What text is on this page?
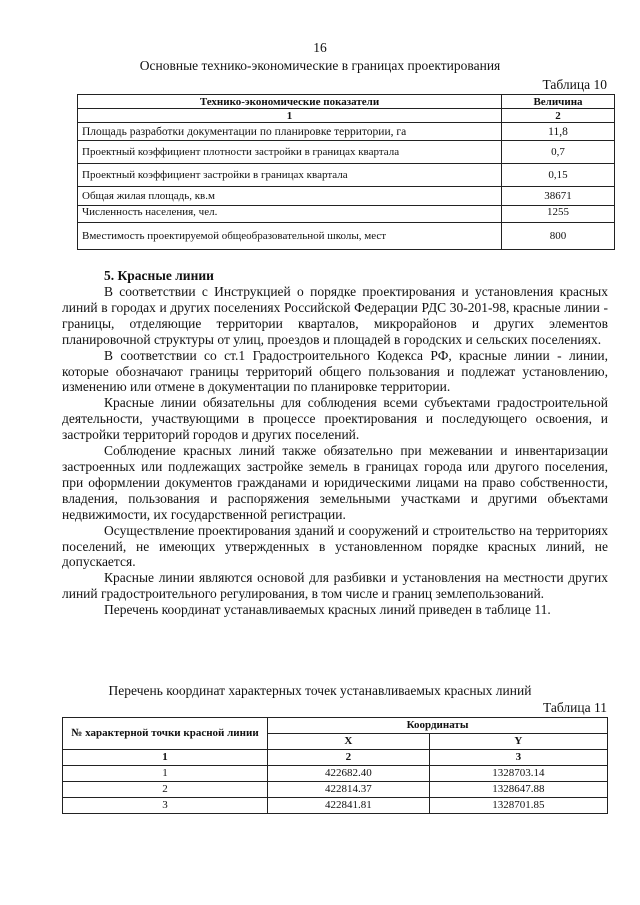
16
Основные технико-экономические в границах проектирования
Таблица 10
Технико-экономические показатели	Величина
1	2
Площадь разработки документации по планировке территории, га	11,8
Проектный коэффициент плотности застройки в границах квартала	0,7
Проектный коэффициент застройки в границах квартала	0,15
Общая жилая площадь, кв.м	38671
Численность населения, чел.	1255
Вместимость проектируемой общеобразовательной школы, мест	800
5. Красные линии

В соответствии с Инструкцией о порядке проектирования и установления красных линий в городах и других поселениях Российской Федерации РДС 30-201-98, красные линии - границы, отделяющие территории кварталов, микрорайонов и других элементов планировочной структуры от улиц, проездов и площадей в городских и сельских поселениях.

В соответствии со ст.1 Градостроительного Кодекса РФ, красные линии - линии, которые обозначают границы территорий общего пользования и подлежат установлению, изменению или отмене в документации по планировке территории.

Красные линии обязательны для соблюдения всеми субъектами градостроительной деятельности, участвующими в процессе проектирования и последующего освоения, и застройки территорий городов и других поселений.

Соблюдение красных линий также обязательно при межевании и инвентаризации застроенных или подлежащих застройке земель в границах города или другого поселения, при оформлении документов гражданами и юридическими лицами на право собственности, владения, пользования и распоряжения земельными участками и другими объектами недвижимости, их государственной регистрации.

Осуществление проектирования зданий и сооружений и строительство на территориях поселений, не имеющих утвержденных в установленном порядке красных линий, не допускается.

Красные линии являются основой для разбивки и установления на местности других линий градостроительного регулирования, в том числе и границ землепользований.

Перечень координат устанавливаемых красных линий приведен в таблице 11.

Перечень координат характерных точек устанавливаемых красных линий
Таблица 11
№ характерной точки красной линии	Координаты	
	X	Y
1	2	3
1	422682.40	1328703.14
2	422814.37	1328647.88
3	422841.81	1328701.85
